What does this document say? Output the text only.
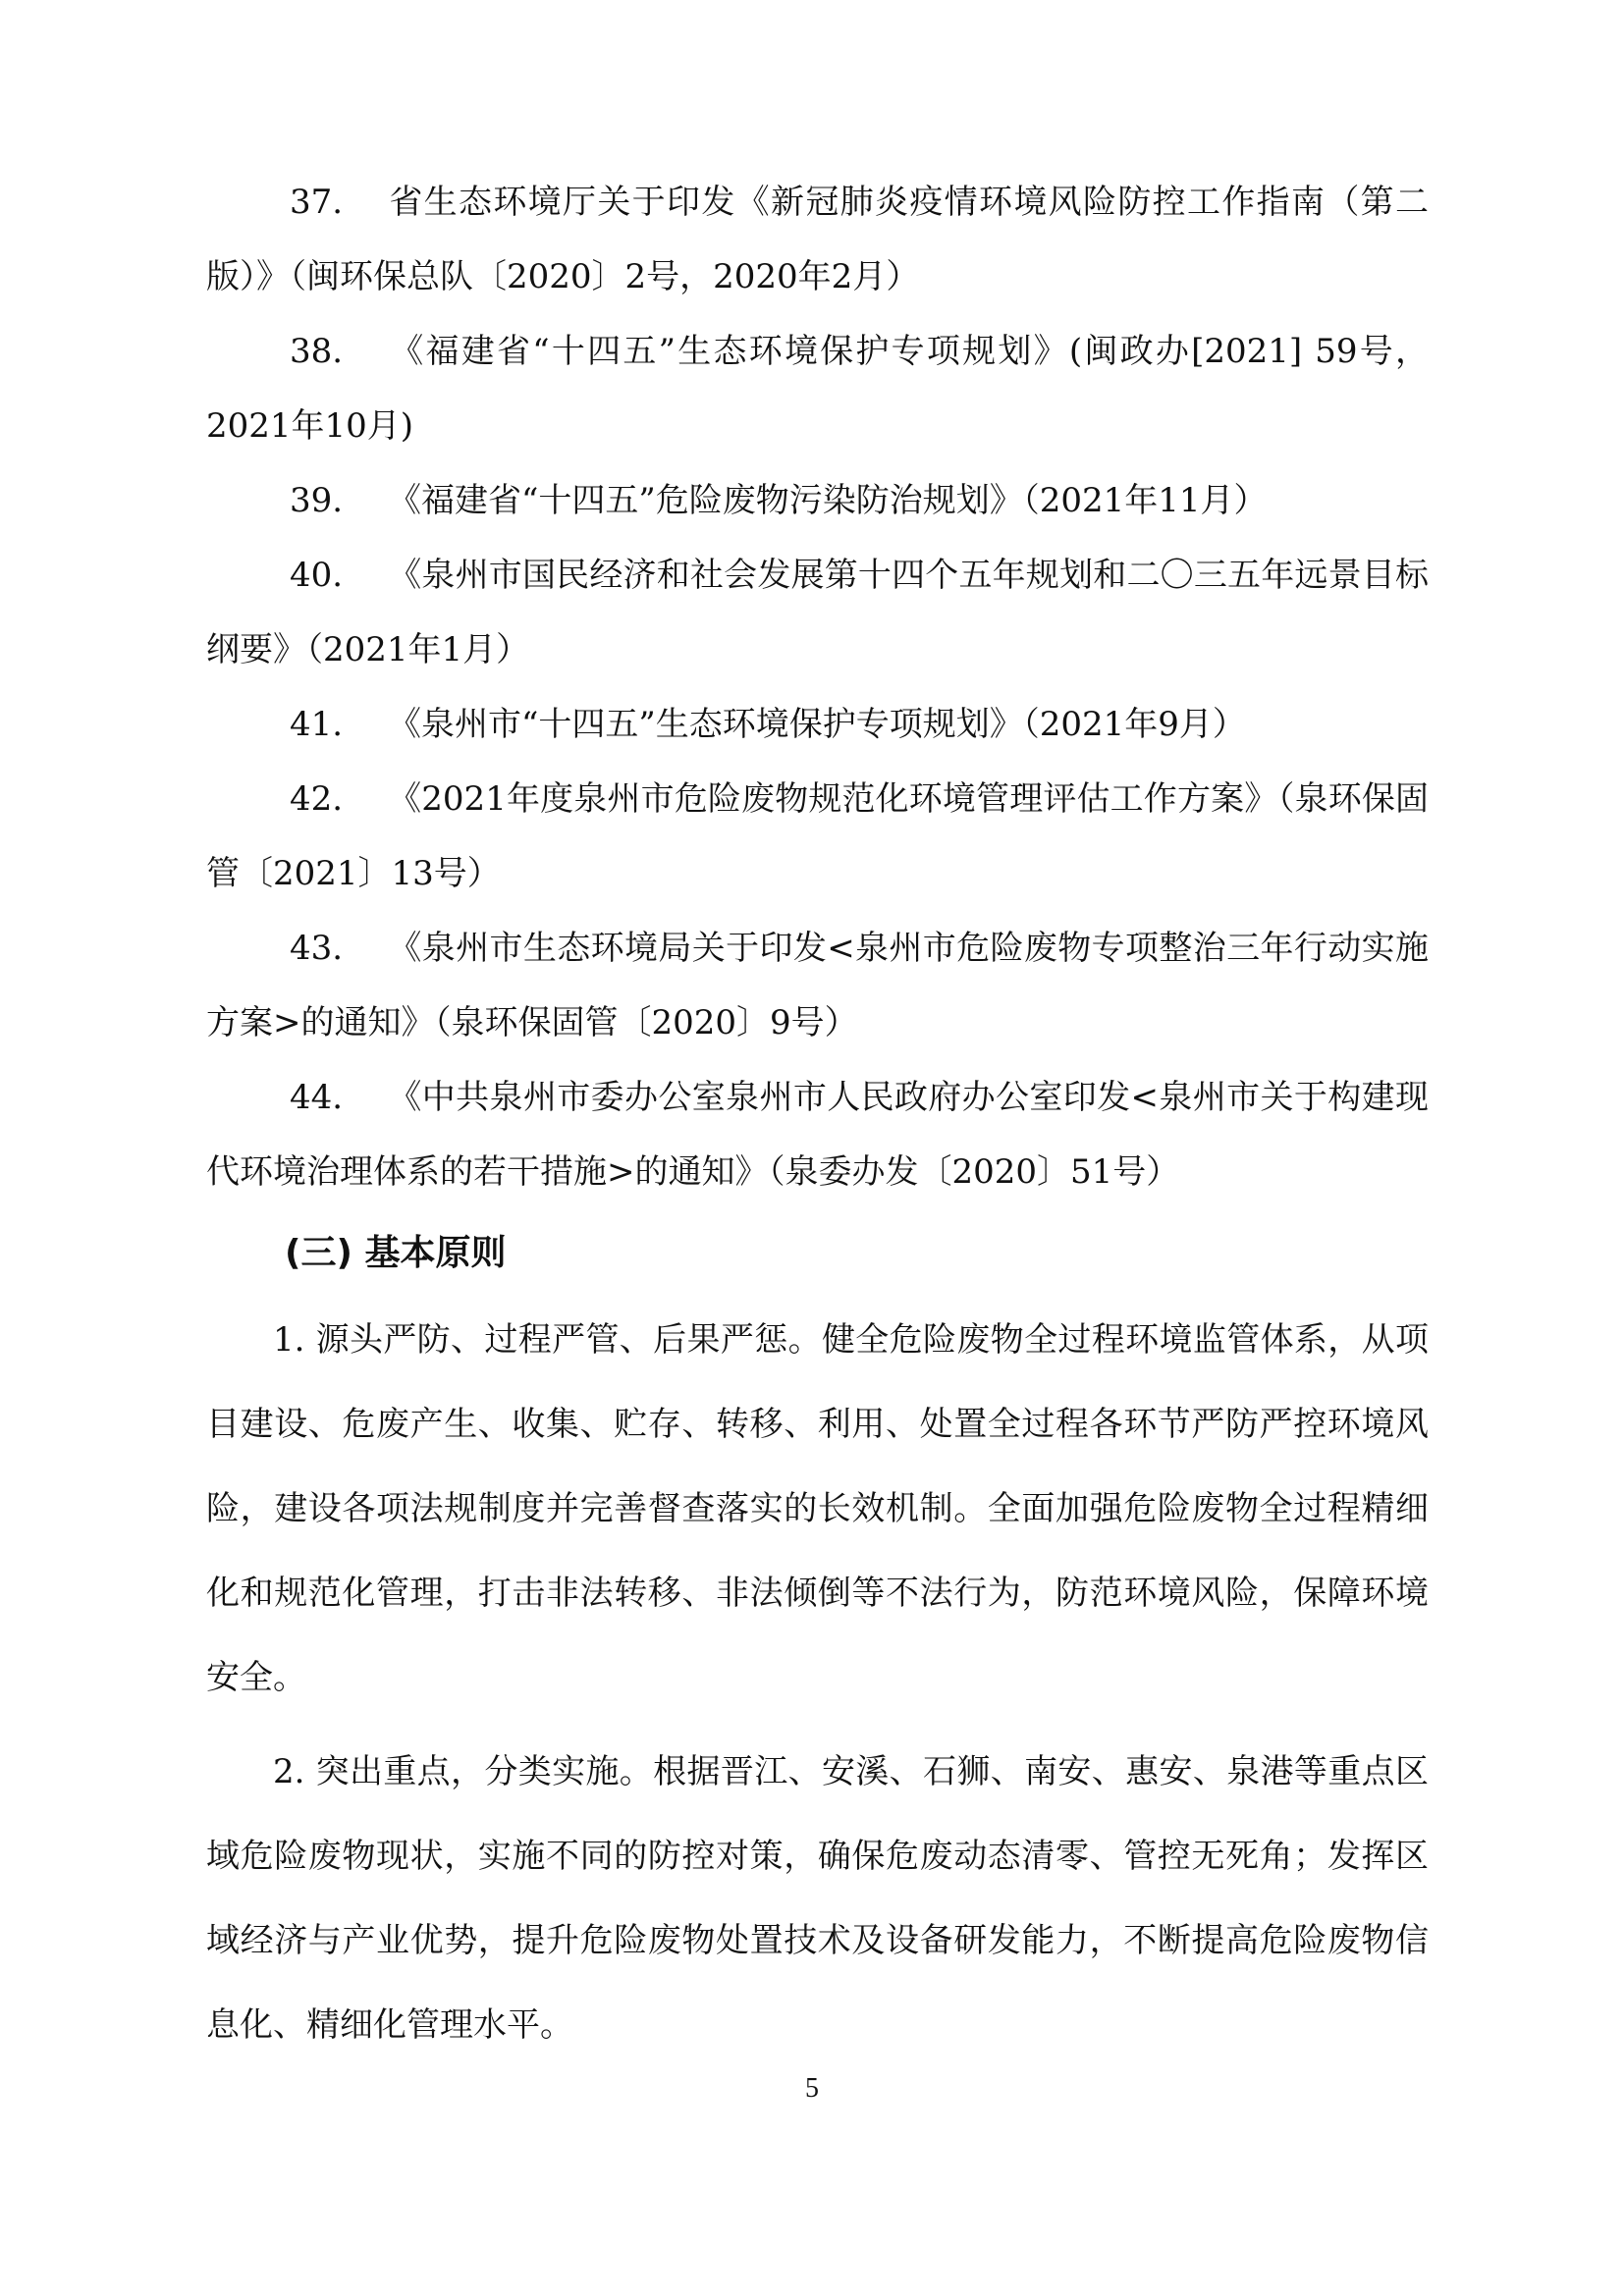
37. 省生态环境厅关于印发《新冠肺炎疫情环境风险防控工作指南（第二版）》（闽环保总队〔2020〕2号，2020年2月）

38. 《福建省“十四五”生态环境保护专项规划》(闽政办[2021] 59号，2021年10月)

39. 《福建省“十四五”危险废物污染防治规划》（2021年11月）

40. 《泉州市国民经济和社会发展第十四个五年规划和二〇三五年远景目标纲要》（2021年1月）

41. 《泉州市“十四五”生态环境保护专项规划》（2021年9月）

42. 《2021年度泉州市危险废物规范化环境管理评估工作方案》（泉环保固管〔2021〕13号）

43. 《泉州市生态环境局关于印发<泉州市危险废物专项整治三年行动实施方案>的通知》（泉环保固管〔2020〕9号）

44. 《中共泉州市委办公室泉州市人民政府办公室印发<泉州市关于构建现代环境治理体系的若干措施>的通知》（泉委办发〔2020〕51号）

(三) 基本原则

1. 源头严防、过程严管、后果严惩。健全危险废物全过程环境监管体系，从项目建设、危废产生、收集、贮存、转移、利用、处置全过程各环节严防严控环境风险，建设各项法规制度并完善督查落实的长效机制。全面加强危险废物全过程精细化和规范化管理，打击非法转移、非法倾倒等不法行为，防范环境风险，保障环境安全。

2. 突出重点，分类实施。根据晋江、安溪、石狮、南安、惠安、泉港等重点区域危险废物现状，实施不同的防控对策，确保危废动态清零、管控无死角；发挥区域经济与产业优势，提升危险废物处置技术及设备研发能力，不断提高危险废物信息化、精细化管理水平。

5
